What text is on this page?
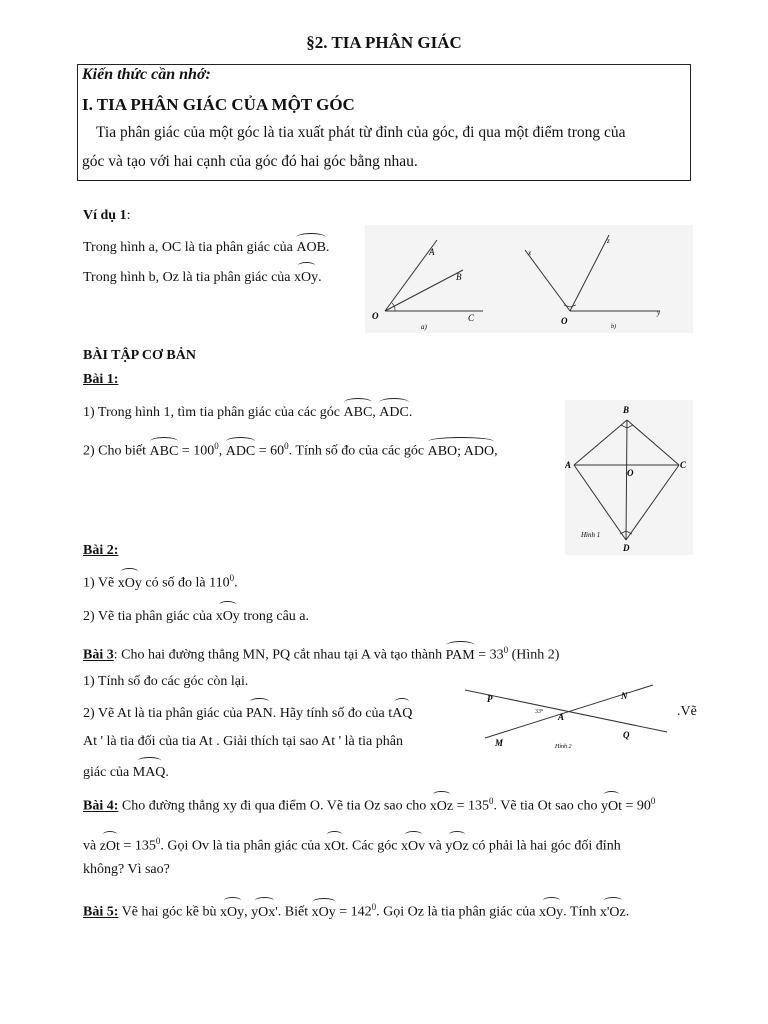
§2. TIA PHÂN GIÁC
Kiến thức cần nhớ:
I. TIA PHÂN GIÁC CỦA MỘT GÓC
Tia phân giác của một góc là tia xuất phát từ đỉnh của góc, đi qua một điểm trong của
góc và tạo với hai cạnh của góc đó hai góc bằng nhau.
Ví dụ 1:
Trong hình a, OC là tia phân giác của AOB.
Trong hình b, Oz là tia phân giác của xOy.
A
B
O	C
a)
x
z
O
y
b)
BÀI TẬP CƠ BẢN
Bài 1:
1) Trong hình 1, tìm tia phân giác của các góc ABC, ADC.
2) Cho biết ABC = $100^0$, ADC = $60^0$. Tính số đo của các góc ABO; ADO,
B
A
O
C
D
Hình 1
Bài 2:
1) Vẽ xOy có số đo là $110^0$.
2) Vẽ tia phân giác của xOy trong câu a.
Bài 3: Cho hai đường thẳng MN, PQ cắt nhau tại A và tạo thành PAM = $33^0$ (Hình 2)
1) Tính số đo các góc còn lại.
2) Vẽ At là tia phân giác của PAN. Hãy tính số đo của tAQ	.Vẽ
At ' là tia đối của tia At . Giải thích tại sao At ' là tia phân
giác của MAQ.
P	N
A
33°
M
Q
Hình 2
Bài 4: Cho đường thẳng xy đi qua điểm O. Vẽ tia Oz sao cho xOz = $135^0$. Vẽ tia Ot sao cho yOt = $90^0$
và zOt = $135^0$. Gọi Ov là tia phân giác của xOt. Các góc xOv và yOz có phải là hai góc đối đỉnh
không? Vì sao?
Bài 5: Vẽ hai góc kề bù xOy, yOx'. Biết xOy = $142^0$. Gọi Oz là tia phân giác của xOy. Tính x'Oz.
